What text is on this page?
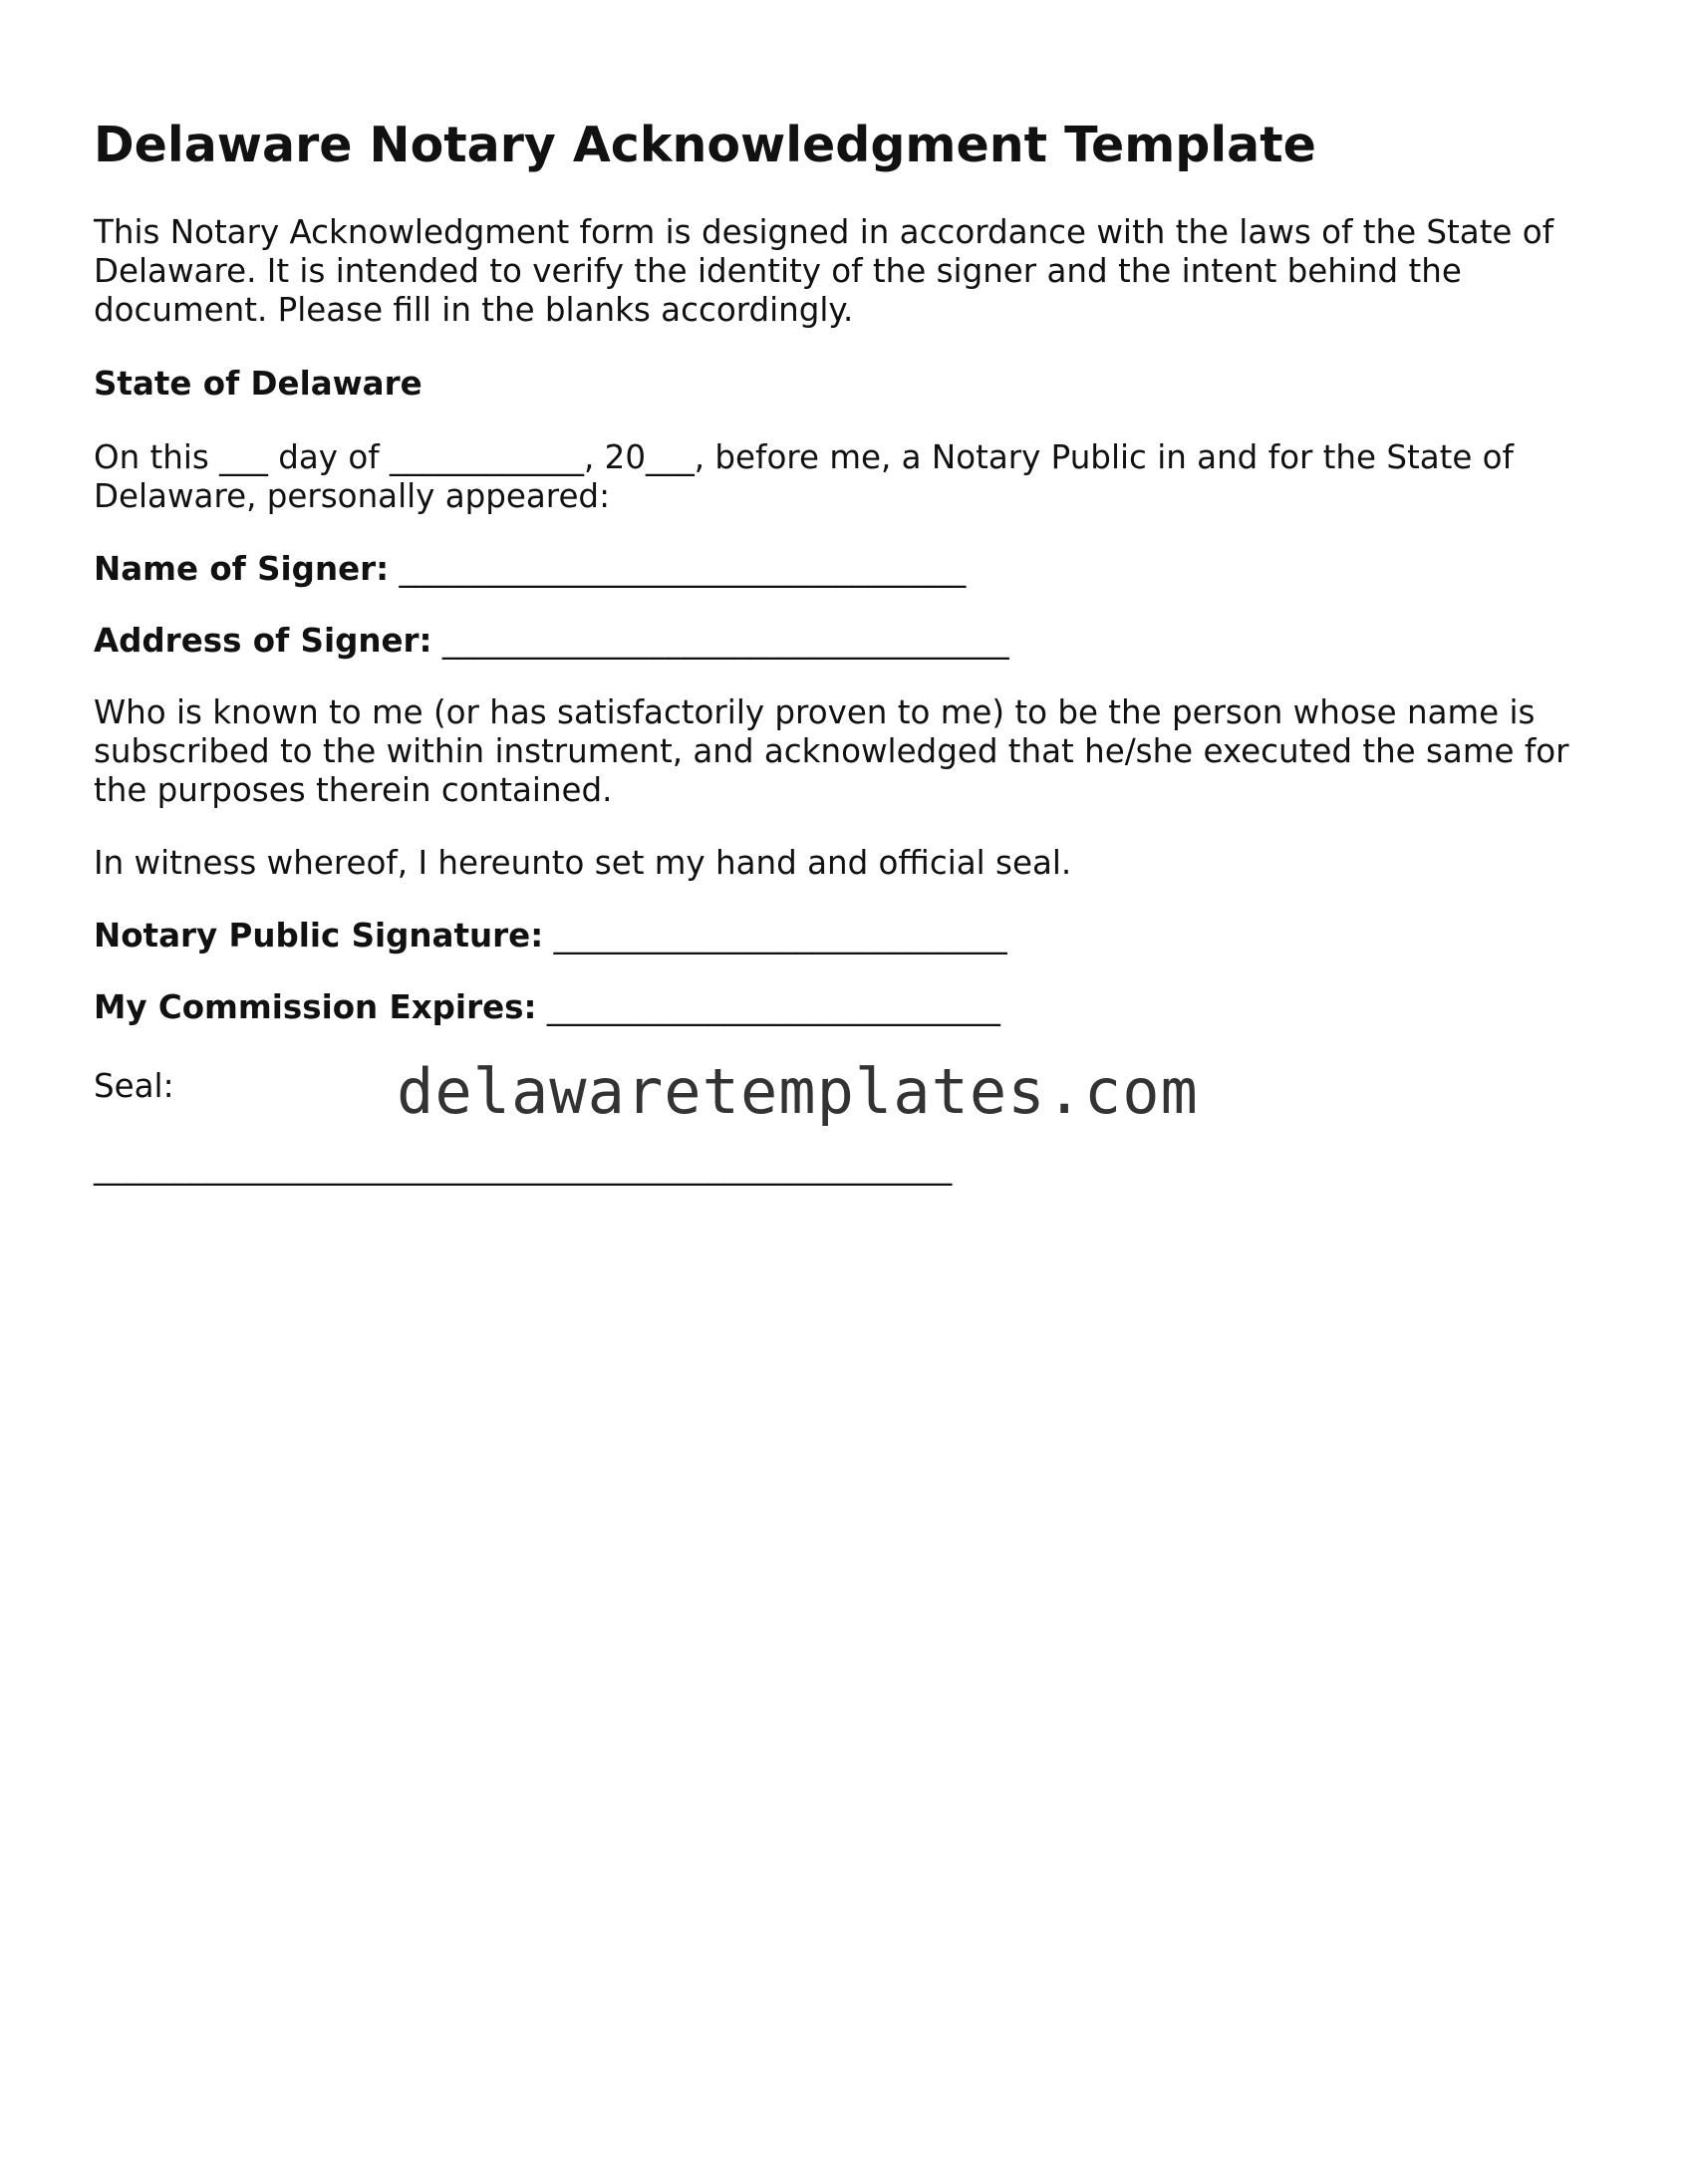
Delaware Notary Acknowledgment Template

This Notary Acknowledgment form is designed in accordance with the laws of the State of Delaware. It is intended to verify the identity of the signer and the intent behind the document. Please fill in the blanks accordingly.

State of Delaware

On this ___ day of ____________, 20___, before me, a Notary Public in and for the State of Delaware, personally appeared:

Name of Signer: ___________________________________

Address of Signer: ___________________________________

Who is known to me (or has satisfactorily proven to me) to be the person whose name is subscribed to the within instrument, and acknowledged that he/she executed the same for the purposes therein contained.

In witness whereof, I hereunto set my hand and official seal.

Notary Public Signature: ____________________________

My Commission Expires: ____________________________

Seal:	delawaretemplates.com
_____________________________________________________
